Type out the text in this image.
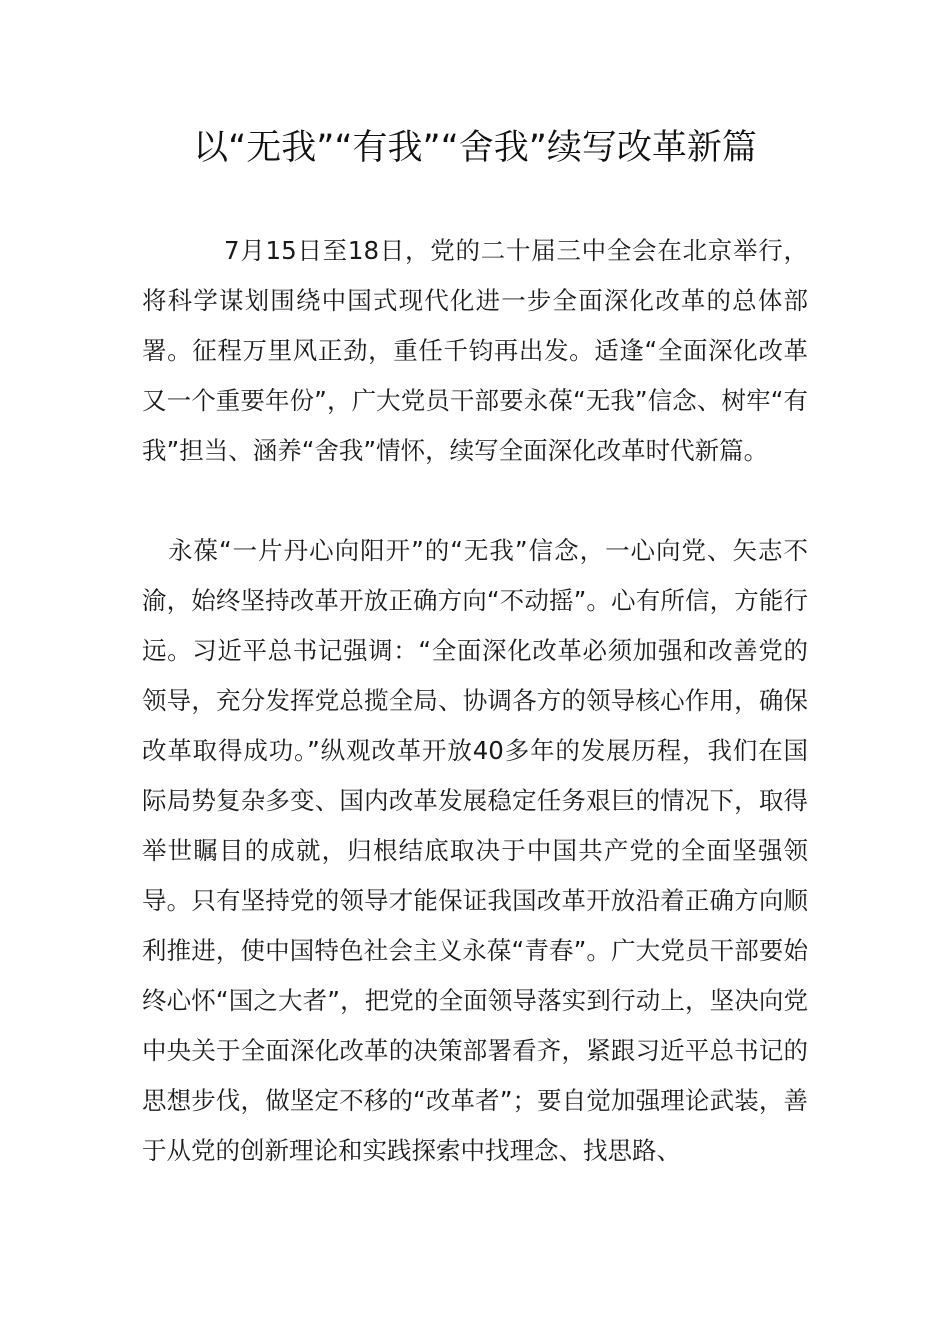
以“无我”“有我”“舍我”续写改革新篇

7月15日至18日，党的二十届三中全会在北京举行，将科学谋划围绕中国式现代化进一步全面深化改革的总体部署。征程万里风正劲，重任千钧再出发。适逢“全面深化改革又一个重要年份”，广大党员干部要永葆“无我”信念、树牢“有我”担当、涵养“舍我”情怀，续写全面深化改革时代新篇。

永葆“一片丹心向阳开”的“无我”信念，一心向党、矢志不渝，始终坚持改革开放正确方向“不动摇”。心有所信，方能行远。习近平总书记强调：“全面深化改革必须加强和改善党的领导，充分发挥党总揽全局、协调各方的领导核心作用，确保改革取得成功。”纵观改革开放40多年的发展历程，我们在国际局势复杂多变、国内改革发展稳定任务艰巨的情况下，取得举世瞩目的成就，归根结底取决于中国共产党的全面坚强领导。只有坚持党的领导才能保证我国改革开放沿着正确方向顺利推进，使中国特色社会主义永葆“青春”。广大党员干部要始终心怀“国之大者”，把党的全面领导落实到行动上，坚决向党中央关于全面深化改革的决策部署看齐，紧跟习近平总书记的思想步伐，做坚定不移的“改革者”；要自觉加强理论武装，善于从党的创新理论和实践探索中找理念、找思路、
